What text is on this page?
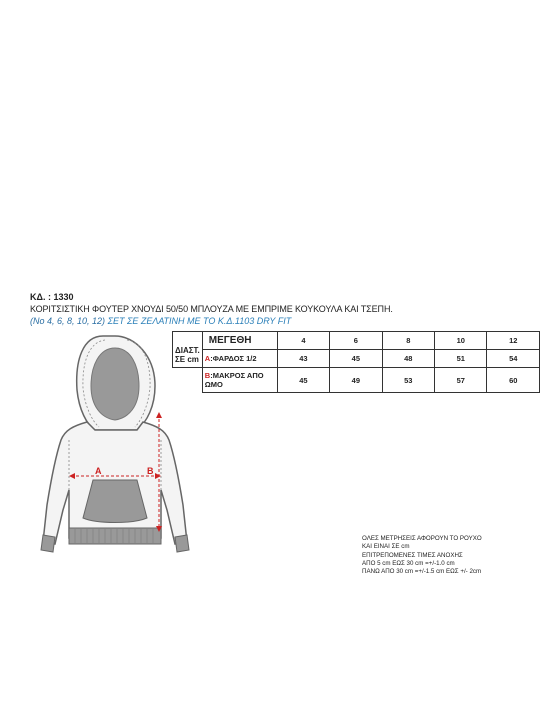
ΚΔ. : 1330
ΚΟΡΙΤΣΙΣΤΙΚΗ ΦΟΥΤΕΡ ΧΝΟΥΔΙ 50/50 ΜΠΛΟΥΖΑ ΜΕ ΕΜΠΡΙΜΕ ΚΟΥΚΟΥΛΑ ΚΑΙ ΤΣΕΠΗ.
(No 4, 6, 8, 10, 12) ΣΕΤ ΣΕ ΖΕΛΑΤΙΝΗ ΜΕ ΤΟ Κ.Δ.1103 DRY FIT
A	B
ΔΙΑΣΤ. ΣΕ cm	ΜΕΓΕΘΗ	4	6	8	10	12
	A:ΦΑΡΔΟΣ 1/2	43	45	48	51	54
	B:ΜΑΚΡΟΣ ΑΠΟ ΩΜΟ	45	49	53	57	60
ΟΛΕΣ ΜΕΤΡΗΣΕΙΣ ΑΦΟΡΟΥΝ ΤΟ ΡΟΥΧΟ
ΚΑΙ ΕΙΝΑΙ ΣΕ cm
ΕΠΙΤΡΕΠΟΜΕΝΕΣ ΤΙΜΕΣ ΑΝΟΧΗΣ
ΑΠΟ 5 cm ΕΩΣ 30 cm =+/-1.0 cm
ΠΑΝΩ ΑΠΟ 30 cm =+/-1.5 cm ΕΩΣ +/- 2cm
